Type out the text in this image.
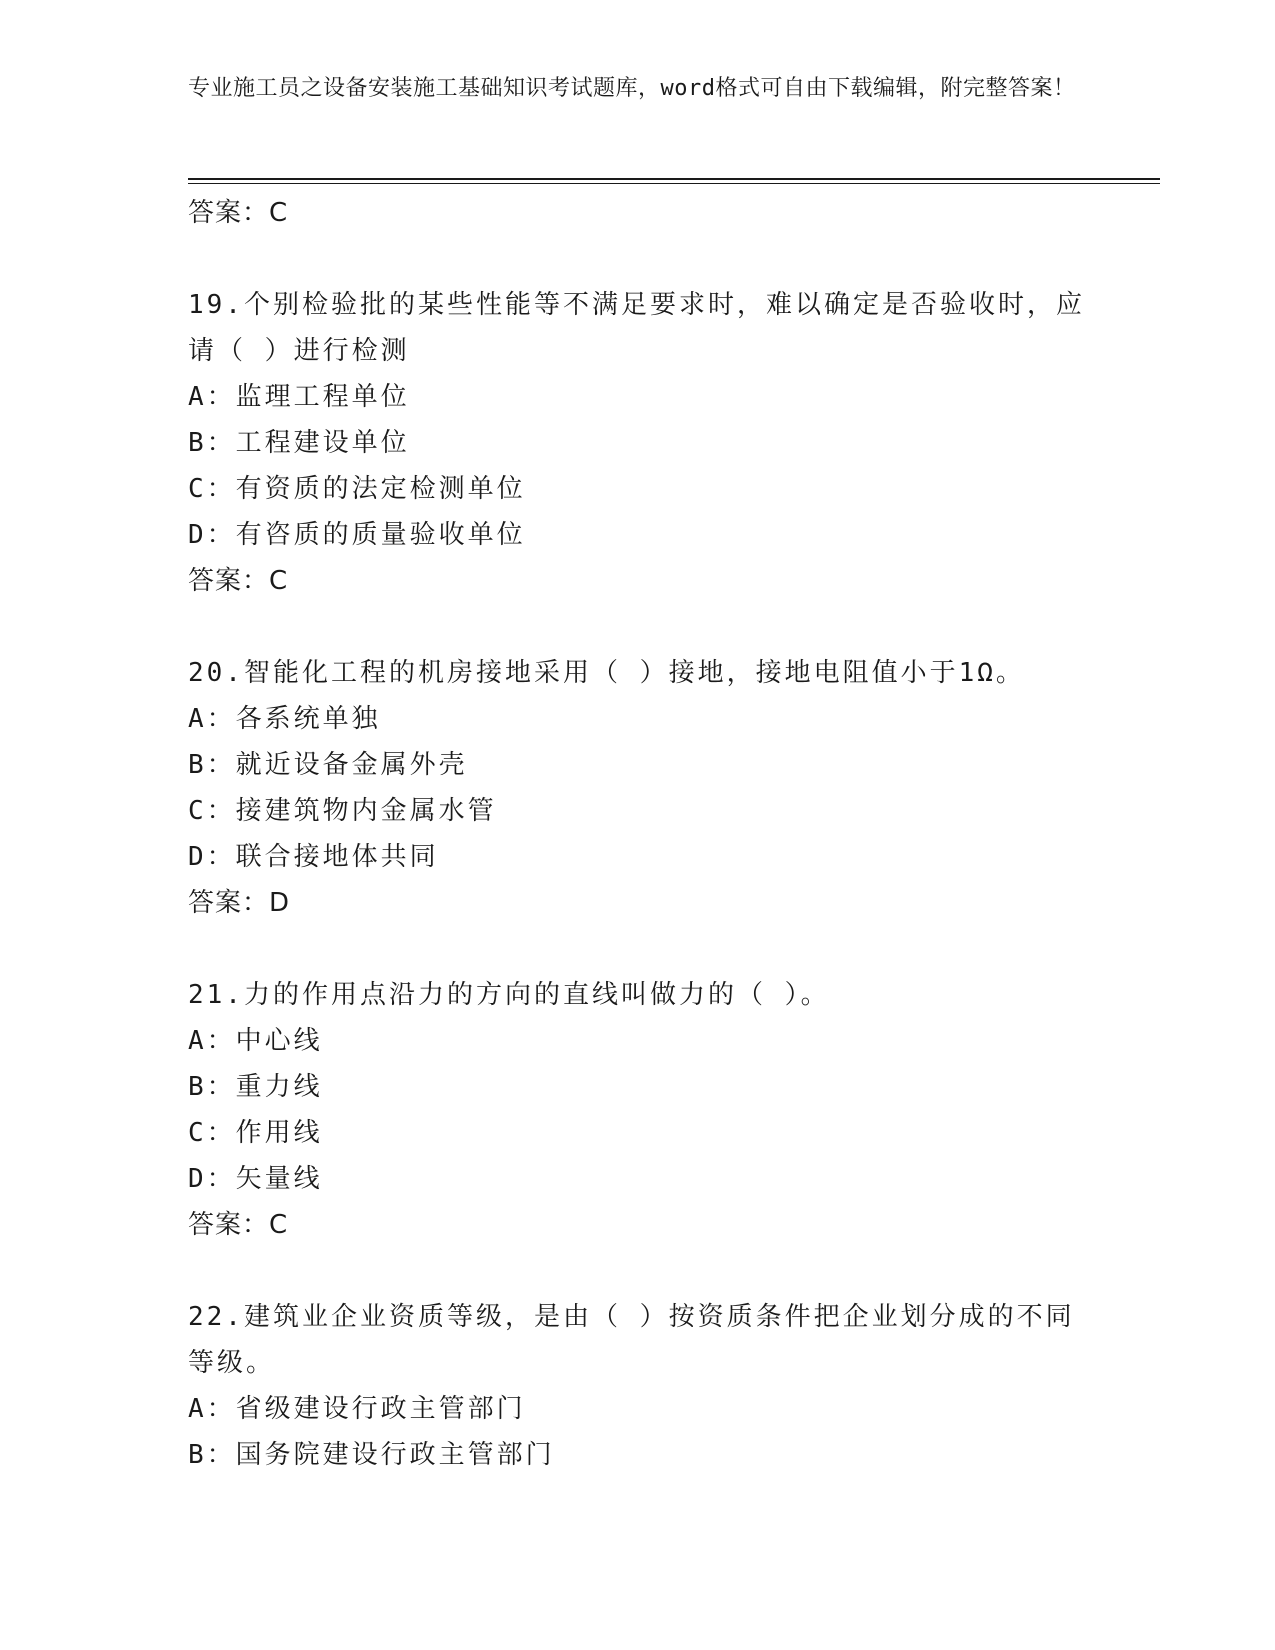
专业施工员之设备安装施工基础知识考试题库，word格式可自由下载编辑，附完整答案！
答案：C
19.个别检验批的某些性能等不满足要求时，难以确定是否验收时，应
请（ ）进行检测
A：监理工程单位
B：工程建设单位
C：有资质的法定检测单位
D：有咨质的质量验收单位
答案：C
20.智能化工程的机房接地采用（ ）接地，接地电阻值小于1Ω。
A：各系统单独
B：就近设备金属外壳
C：接建筑物内金属水管
D：联合接地体共同
答案：D
21.力的作用点沿力的方向的直线叫做力的（ ）。
A：中心线
B：重力线
C：作用线
D：矢量线
答案：C
22.建筑业企业资质等级，是由（ ）按资质条件把企业划分成的不同
等级。
A：省级建设行政主管部门
B：国务院建设行政主管部门
